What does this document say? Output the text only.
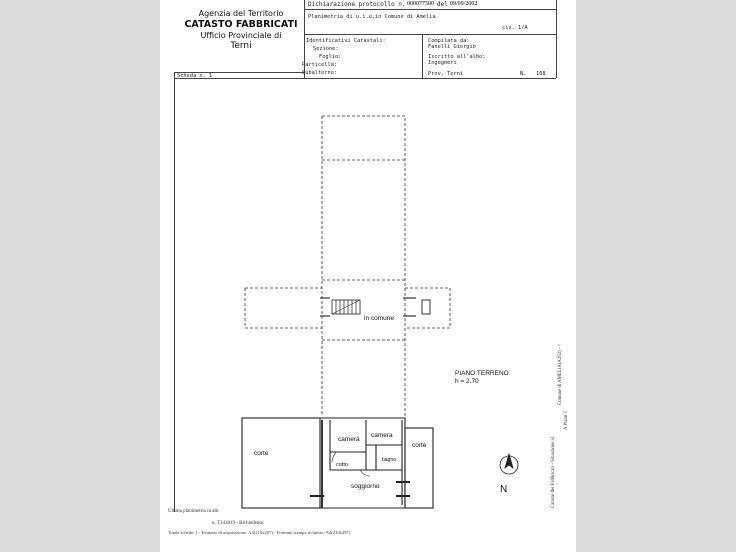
Agenzia del Territorio
CATASTO FABBRICATI
Ufficio Provinciale di
Terni
Dichiarazione protocollo n. 000077500 del 09/09/2002
Planimetria di u.i.u.in Comune di Amelia
civ. 1/A
Identificativi Catastali:
Sezione:
Foglio:
Particella:
Subalterno:
Compilata da:
Fanelli Giorgio
Iscritto all'albo:
Ingegneri
Prov. Terni	N. 168
Scheda n. 1
in comune
PIANO TERRENO
h = 2.70
corte
camera
camera
bagno
corte
cotto
soggiorno	N
Ultima planimetria in atti
n. T343819 - Richiedente:
Totale schede: 1 - Formato di acquisizione: A4(210x297) - Formato stampa richiesto: A4(210x297)
Catasto dei Fabbricati - Situazione al
Comune di AMELIA(A262) - <
A Piano T
